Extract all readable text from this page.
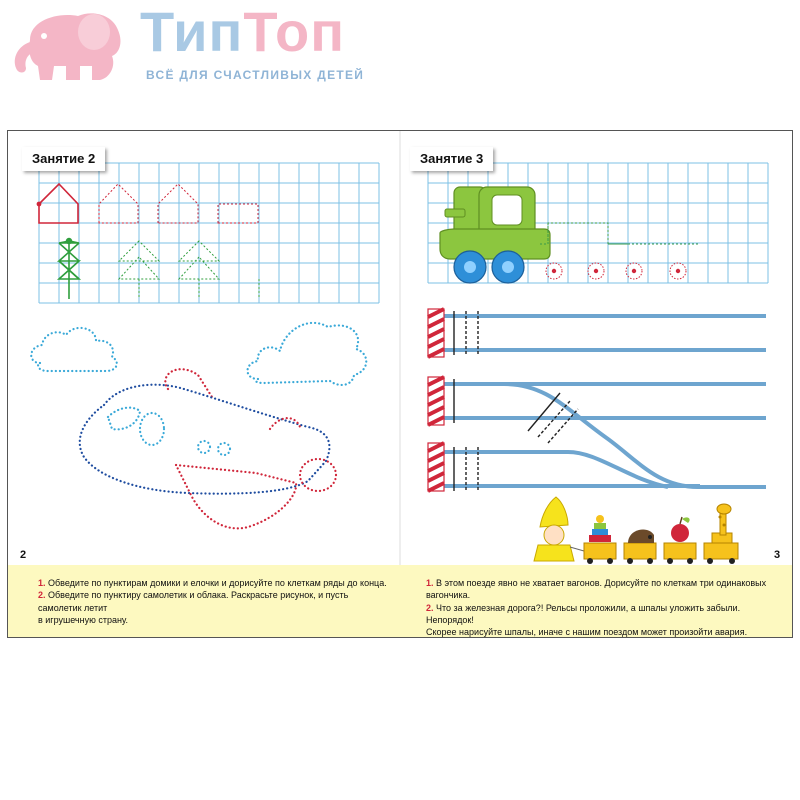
ТипТоп
ВСЁ ДЛЯ СЧАСТЛИВЫХ ДЕТЕЙ
Занятие 2	Занятие 3
2	3
1. Обведите по пунктирам домики и елочки и дорисуйте по клеткам ряды до конца.
2. Обведите по пунктиру самолетик и облака. Раскрасьте рисунок, и пусть самолетик летит
в игрушечную страну.
1. В этом поезде явно не хватает вагонов. Дорисуйте по клеткам три одинаковых вагончика.
2. Что за железная дорога?! Рельсы проложили, а шпалы уложить забыли. Непорядок!
Скорее нарисуйте шпалы, иначе с нашим поездом может произойти авария.
